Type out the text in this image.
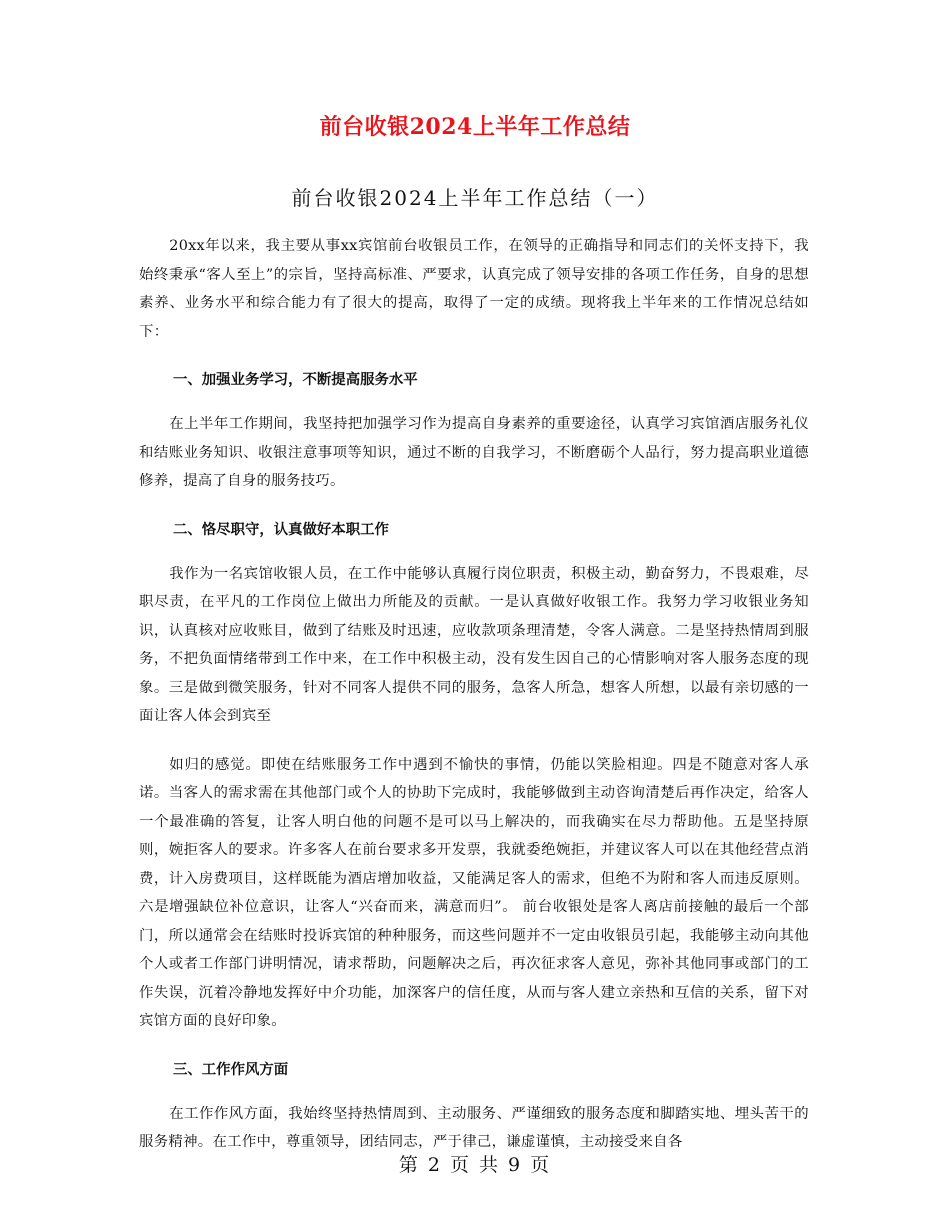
前台收银2024上半年工作总结
前台收银2024上半年工作总结（一）

20xx年以来，我主要从事xx宾馆前台收银员工作，在领导的正确指导和同志们的关怀支持下，我始终秉承“客人至上”的宗旨，坚持高标准、严要求，认真完成了领导安排的各项工作任务，自身的思想素养、业务水平和综合能力有了很大的提高，取得了一定的成绩。现将我上半年来的工作情况总结如下：

一、加强业务学习，不断提高服务水平

在上半年工作期间，我坚持把加强学习作为提高自身素养的重要途径，认真学习宾馆酒店服务礼仪和结账业务知识、收银注意事项等知识，通过不断的自我学习，不断磨砺个人品行，努力提高职业道德修养，提高了自身的服务技巧。

二、恪尽职守，认真做好本职工作

我作为一名宾馆收银人员，在工作中能够认真履行岗位职责，积极主动，勤奋努力，不畏艰难，尽职尽责，在平凡的工作岗位上做出力所能及的贡献。一是认真做好收银工作。我努力学习收银业务知识，认真核对应收账目，做到了结账及时迅速，应收款项条理清楚，令客人满意。二是坚持热情周到服务，不把负面情绪带到工作中来，在工作中积极主动，没有发生因自己的心情影响对客人服务态度的现象。三是做到微笑服务，针对不同客人提供不同的服务，急客人所急，想客人所想，以最有亲切感的一面让客人体会到宾至

如归的感觉。即使在结账服务工作中遇到不愉快的事情，仍能以笑脸相迎。四是不随意对客人承诺。当客人的需求需在其他部门或个人的协助下完成时，我能够做到主动咨询清楚后再作决定，给客人一个最准确的答复，让客人明白他的问题不是可以马上解决的，而我确实在尽力帮助他。五是坚持原则，婉拒客人的要求。许多客人在前台要求多开发票，我就委绝婉拒，并建议客人可以在其他经营点消费，计入房费项目，这样既能为酒店增加收益，又能满足客人的需求，但绝不为附和客人而违反原则。六是增强缺位补位意识，让客人“兴奋而来，满意而归”。 前台收银处是客人离店前接触的最后一个部门，所以通常会在结账时投诉宾馆的种种服务，而这些问题并不一定由收银员引起，我能够主动向其他个人或者工作部门讲明情况，请求帮助，问题解决之后，再次征求客人意见，弥补其他同事或部门的工作失误，沉着冷静地发挥好中介功能，加深客户的信任度，从而与客人建立亲热和互信的关系，留下对宾馆方面的良好印象。

三、工作作风方面

在工作作风方面，我始终坚持热情周到、主动服务、严谨细致的服务态度和脚踏实地、埋头苦干的服务精神。在工作中，尊重领导，团结同志，严于律己，谦虚谨慎，主动接受来自各

第 2 页 共 9 页
